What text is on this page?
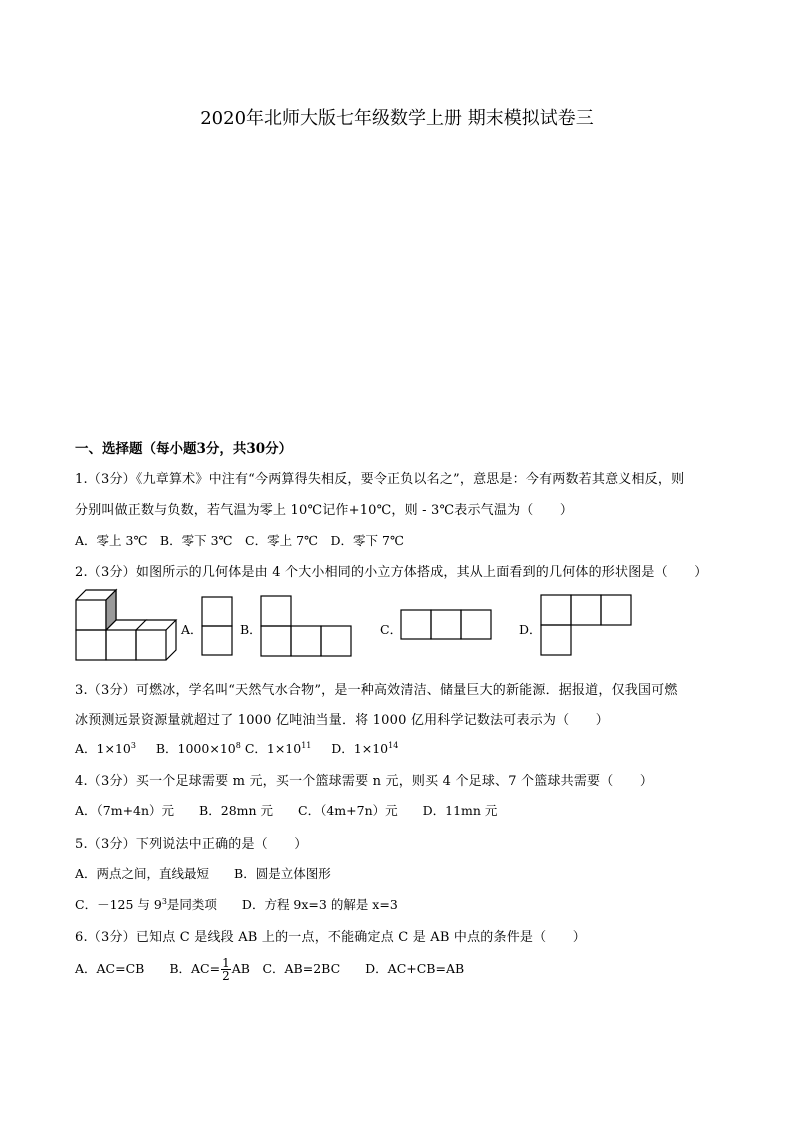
2020年北师大版七年级数学上册 期末模拟试卷三
一、选择题（每小题3分，共30分）
1.（3分）《九章算术》中注有“今两算得失相反，要令正负以名之”，意思是：今有两数若其意义相反，则
分别叫做正数与负数，若气温为零上 10℃记作+10℃，则 - 3℃表示气温为（　　）
A．零上 3℃　B．零下 3℃　C．零上 7℃　D．零下 7℃
2.（3分）如图所示的几何体是由 4 个大小相同的小立方体搭成，其从上面看到的几何体的形状图是（　　）
A．	B．	C．	D．
3.（3分）可燃冰，学名叫“天然气水合物”，是一种高效清洁、储量巨大的新能源．据报道，仅我国可燃
冰预测远景资源量就超过了 1000 亿吨油当量．将 1000 亿用科学记数法可表示为（　　）
A．$1\times 10^3$ B．$1000\times 10^8$ C．$1\times 10^{11}$ D．$1\times 10^{14}$
4.（3分）买一个足球需要 m 元，买一个篮球需要 n 元，则买 4 个足球、7 个篮球共需要（　　）
A．（7m+4n）元　　B．28mn 元　　C．（4m+7n）元　　D．11mn 元
5.（3分）下列说法中正确的是（　　）
A．两点之间，直线最短　　B．圆是立体图形
C．－125 与 $9^3$是同类项　　D．方程 9x=3 的解是 x=3
6.（3分）已知点 C 是线段 AB 上的一点，不能确定点 C 是 AB 中点的条件是（　　）
A．AC=CB　　B．$AC= \frac{1}{2}$ AB　C．AB=2BC　　D．AC+CB=AB
